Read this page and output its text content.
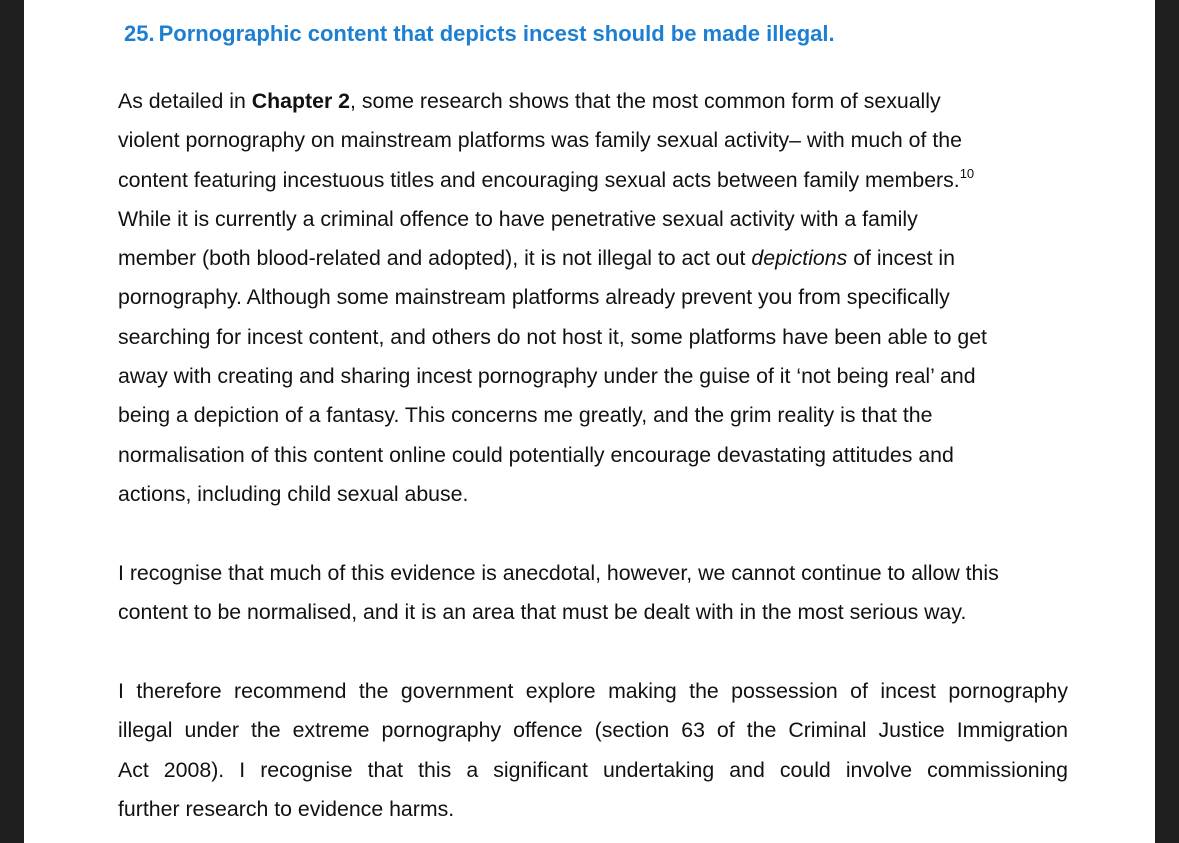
25. Pornographic content that depicts incest should be made illegal.

As detailed in Chapter 2, some research shows that the most common form of sexually
violent pornography on mainstream platforms was family sexual activity– with much of the
content featuring incestuous titles and encouraging sexual acts between family members.$^{10}$
While it is currently a criminal offence to have penetrative sexual activity with a family
member (both blood-related and adopted), it is not illegal to act out depictions of incest in
pornography. Although some mainstream platforms already prevent you from specifically
searching for incest content, and others do not host it, some platforms have been able to get
away with creating and sharing incest pornography under the guise of it ‘not being real’ and
being a depiction of a fantasy. This concerns me greatly, and the grim reality is that the
normalisation of this content online could potentially encourage devastating attitudes and
actions, including child sexual abuse.

I recognise that much of this evidence is anecdotal, however, we cannot continue to allow this
content to be normalised, and it is an area that must be dealt with in the most serious way.

I therefore recommend the government explore making the possession of incest pornography
illegal under the extreme pornography offence (section 63 of the Criminal Justice Immigration
Act 2008). I recognise that this a significant undertaking and could involve commissioning
further research to evidence harms.
